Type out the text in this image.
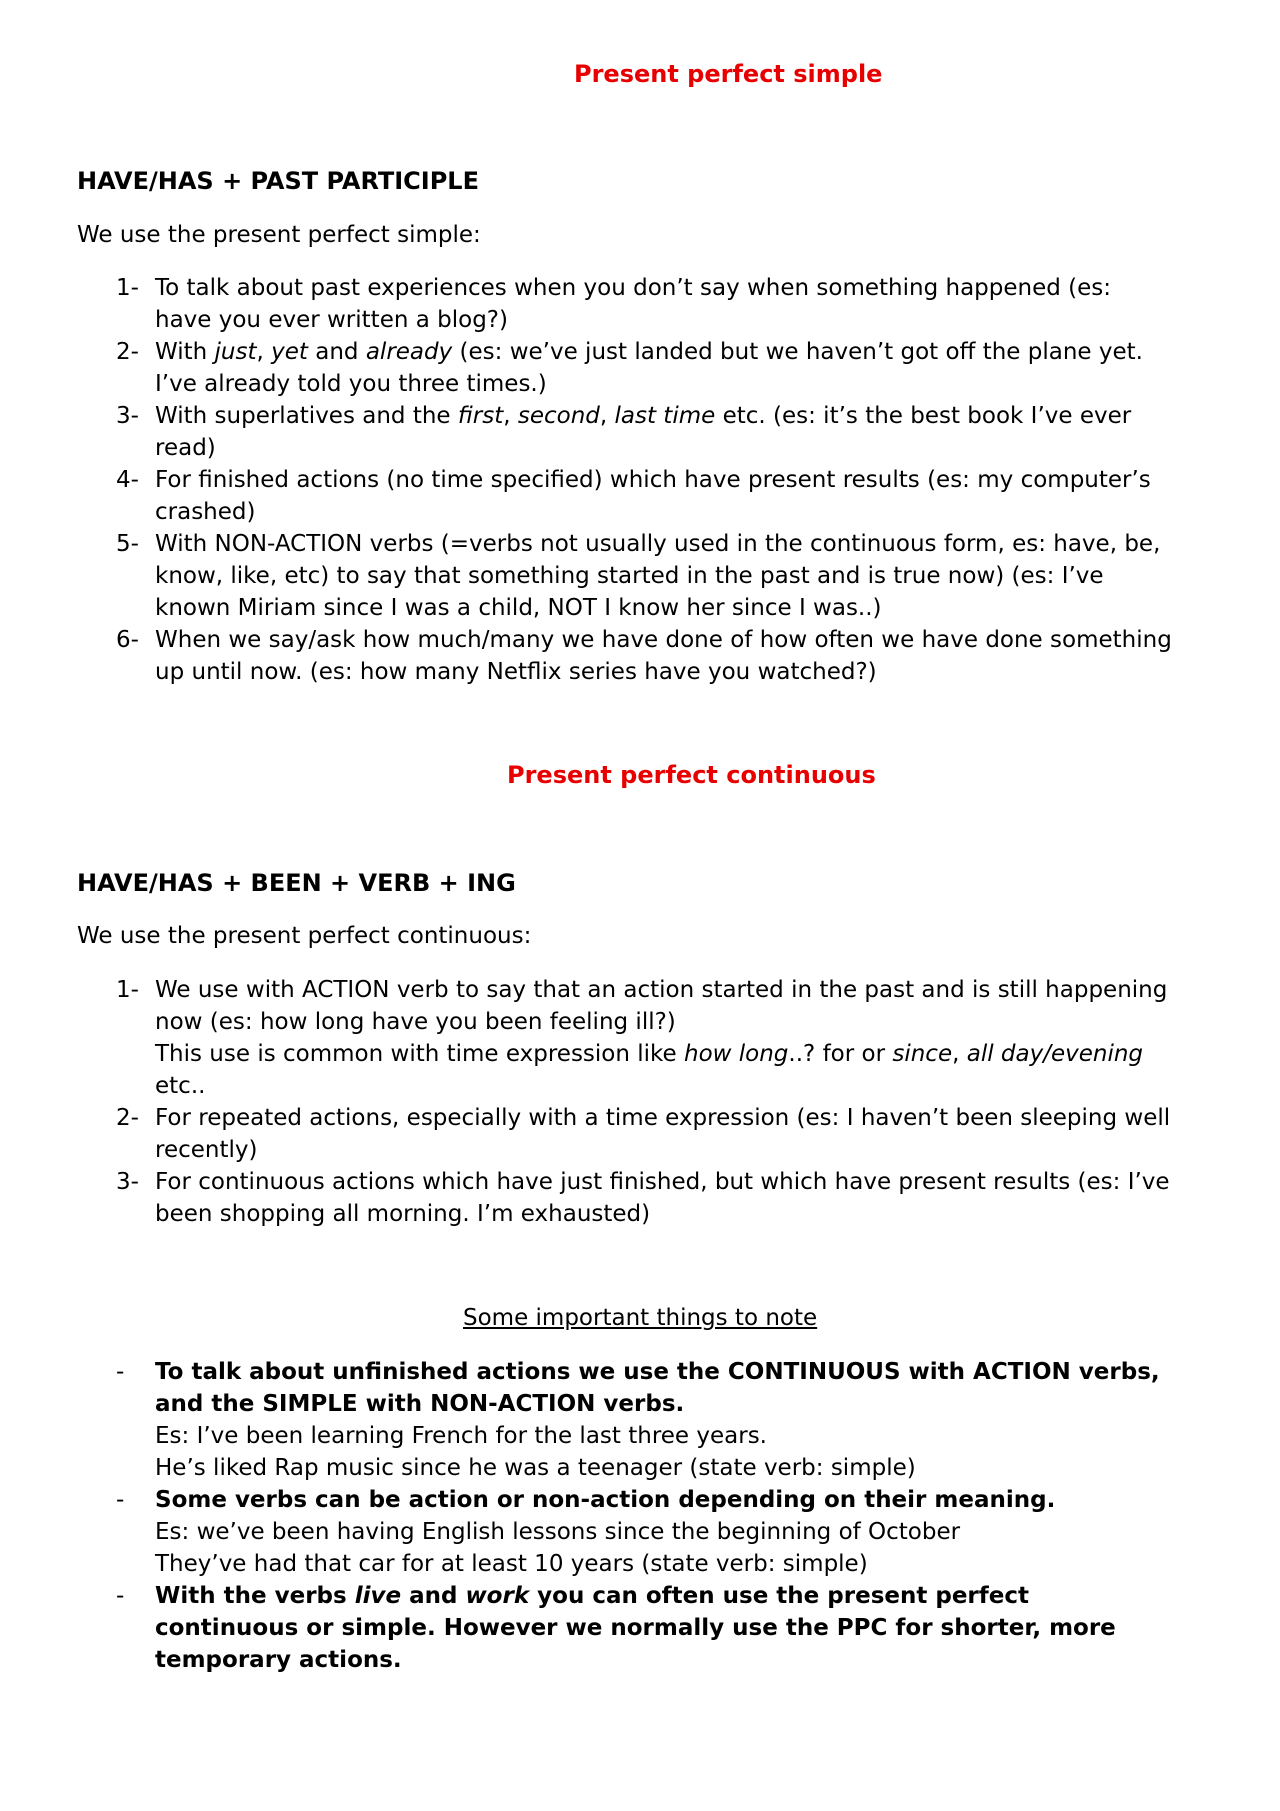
Present perfect simple
HAVE/HAS + PAST PARTICIPLE
We use the present perfect simple:
1- To talk about past experiences when you don’t say when something happened (es:
have you ever written a blog?)
2- With just, yet and already (es: we’ve just landed but we haven’t got off the plane yet.
I’ve already told you three times.)
3- With superlatives and the first, second, last time etc. (es: it’s the best book I’ve ever
read)
4- For finished actions (no time specified) which have present results (es: my computer’s
crashed)
5- With NON-ACTION verbs (=verbs not usually used in the continuous form, es: have, be,
know, like, etc) to say that something started in the past and is true now) (es: I’ve
known Miriam since I was a child, NOT I know her since I was..)
6- When we say/ask how much/many we have done of how often we have done something
up until now. (es: how many Netflix series have you watched?)
Present perfect continuous
HAVE/HAS + BEEN + VERB + ING
We use the present perfect continuous:
1- We use with ACTION verb to say that an action started in the past and is still happening
now (es: how long have you been feeling ill?)
This use is common with time expression like how long..? for or since, all day/evening
etc..
2- For repeated actions, especially with a time expression (es: I haven’t been sleeping well
recently)
3- For continuous actions which have just finished, but which have present results (es: I’ve
been shopping all morning. I’m exhausted)
Some important things to note
- To talk about unfinished actions we use the CONTINUOUS with ACTION verbs,
and the SIMPLE with NON-ACTION verbs.
Es: I’ve been learning French for the last three years.
He’s liked Rap music since he was a teenager (state verb: simple)
- Some verbs can be action or non-action depending on their meaning.
Es: we’ve been having English lessons since the beginning of October
They’ve had that car for at least 10 years (state verb: simple)
- With the verbs live and work you can often use the present perfect
continuous or simple. However we normally use the PPC for shorter, more
temporary actions.
